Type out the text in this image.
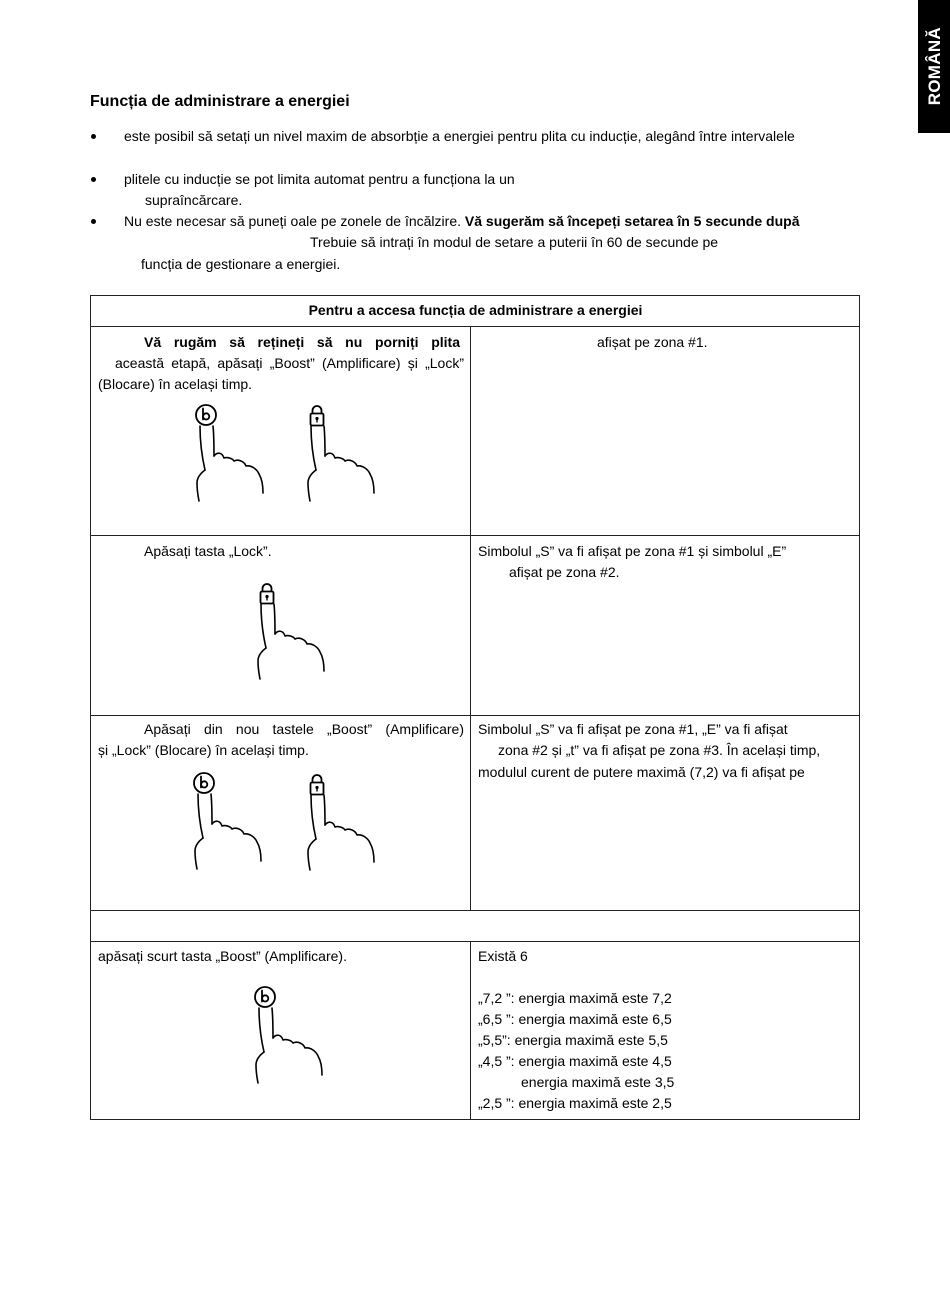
ROMÂNĂ
Funcția de administrare a energiei
este posibil să setați un nivel maxim de absorbție a energiei pentru plita cu inducție, alegând între intervalele
plitele cu inducție se pot limita automat pentru a funcționa la un
supraîncărcare.
Nu este necesar să puneți oale pe zonele de încălzire. Vă sugerăm să începeți setarea în 5 secunde după
Trebuie să intrați în modul de setare a puterii în 60 de secunde pe
funcția de gestionare a energiei.
Pentru a accesa funcția de administrare a energiei
Vă rugăm să rețineți să nu porniți plita
această etapă, apăsați „Boost” (Amplificare) și „Lock”
(Blocare) în același timp.
afișat pe zona #1.
Apăsați tasta „Lock”.	Simbolul „S” va fi afișat pe zona #1 și simbolul „E”
afișat pe zona #2.
Apăsați din nou tastele „Boost” (Amplificare)
și „Lock” (Blocare) în același timp.
Simbolul „S” va fi afișat pe zona #1, „E” va fi afișat
zona #2 și „t” va fi afișat pe zona #3. În același timp,
modulul curent de putere maximă (7,2) va fi afișat pe
apăsați scurt tasta „Boost” (Amplificare).	Există 6
„7,2 ”: energia maximă este 7,2
„6,5 ”: energia maximă este 6,5
„5,5”: energia maximă este 5,5
„4,5 ”: energia maximă este 4,5
energia maximă este 3,5
„2,5 ”: energia maximă este 2,5
